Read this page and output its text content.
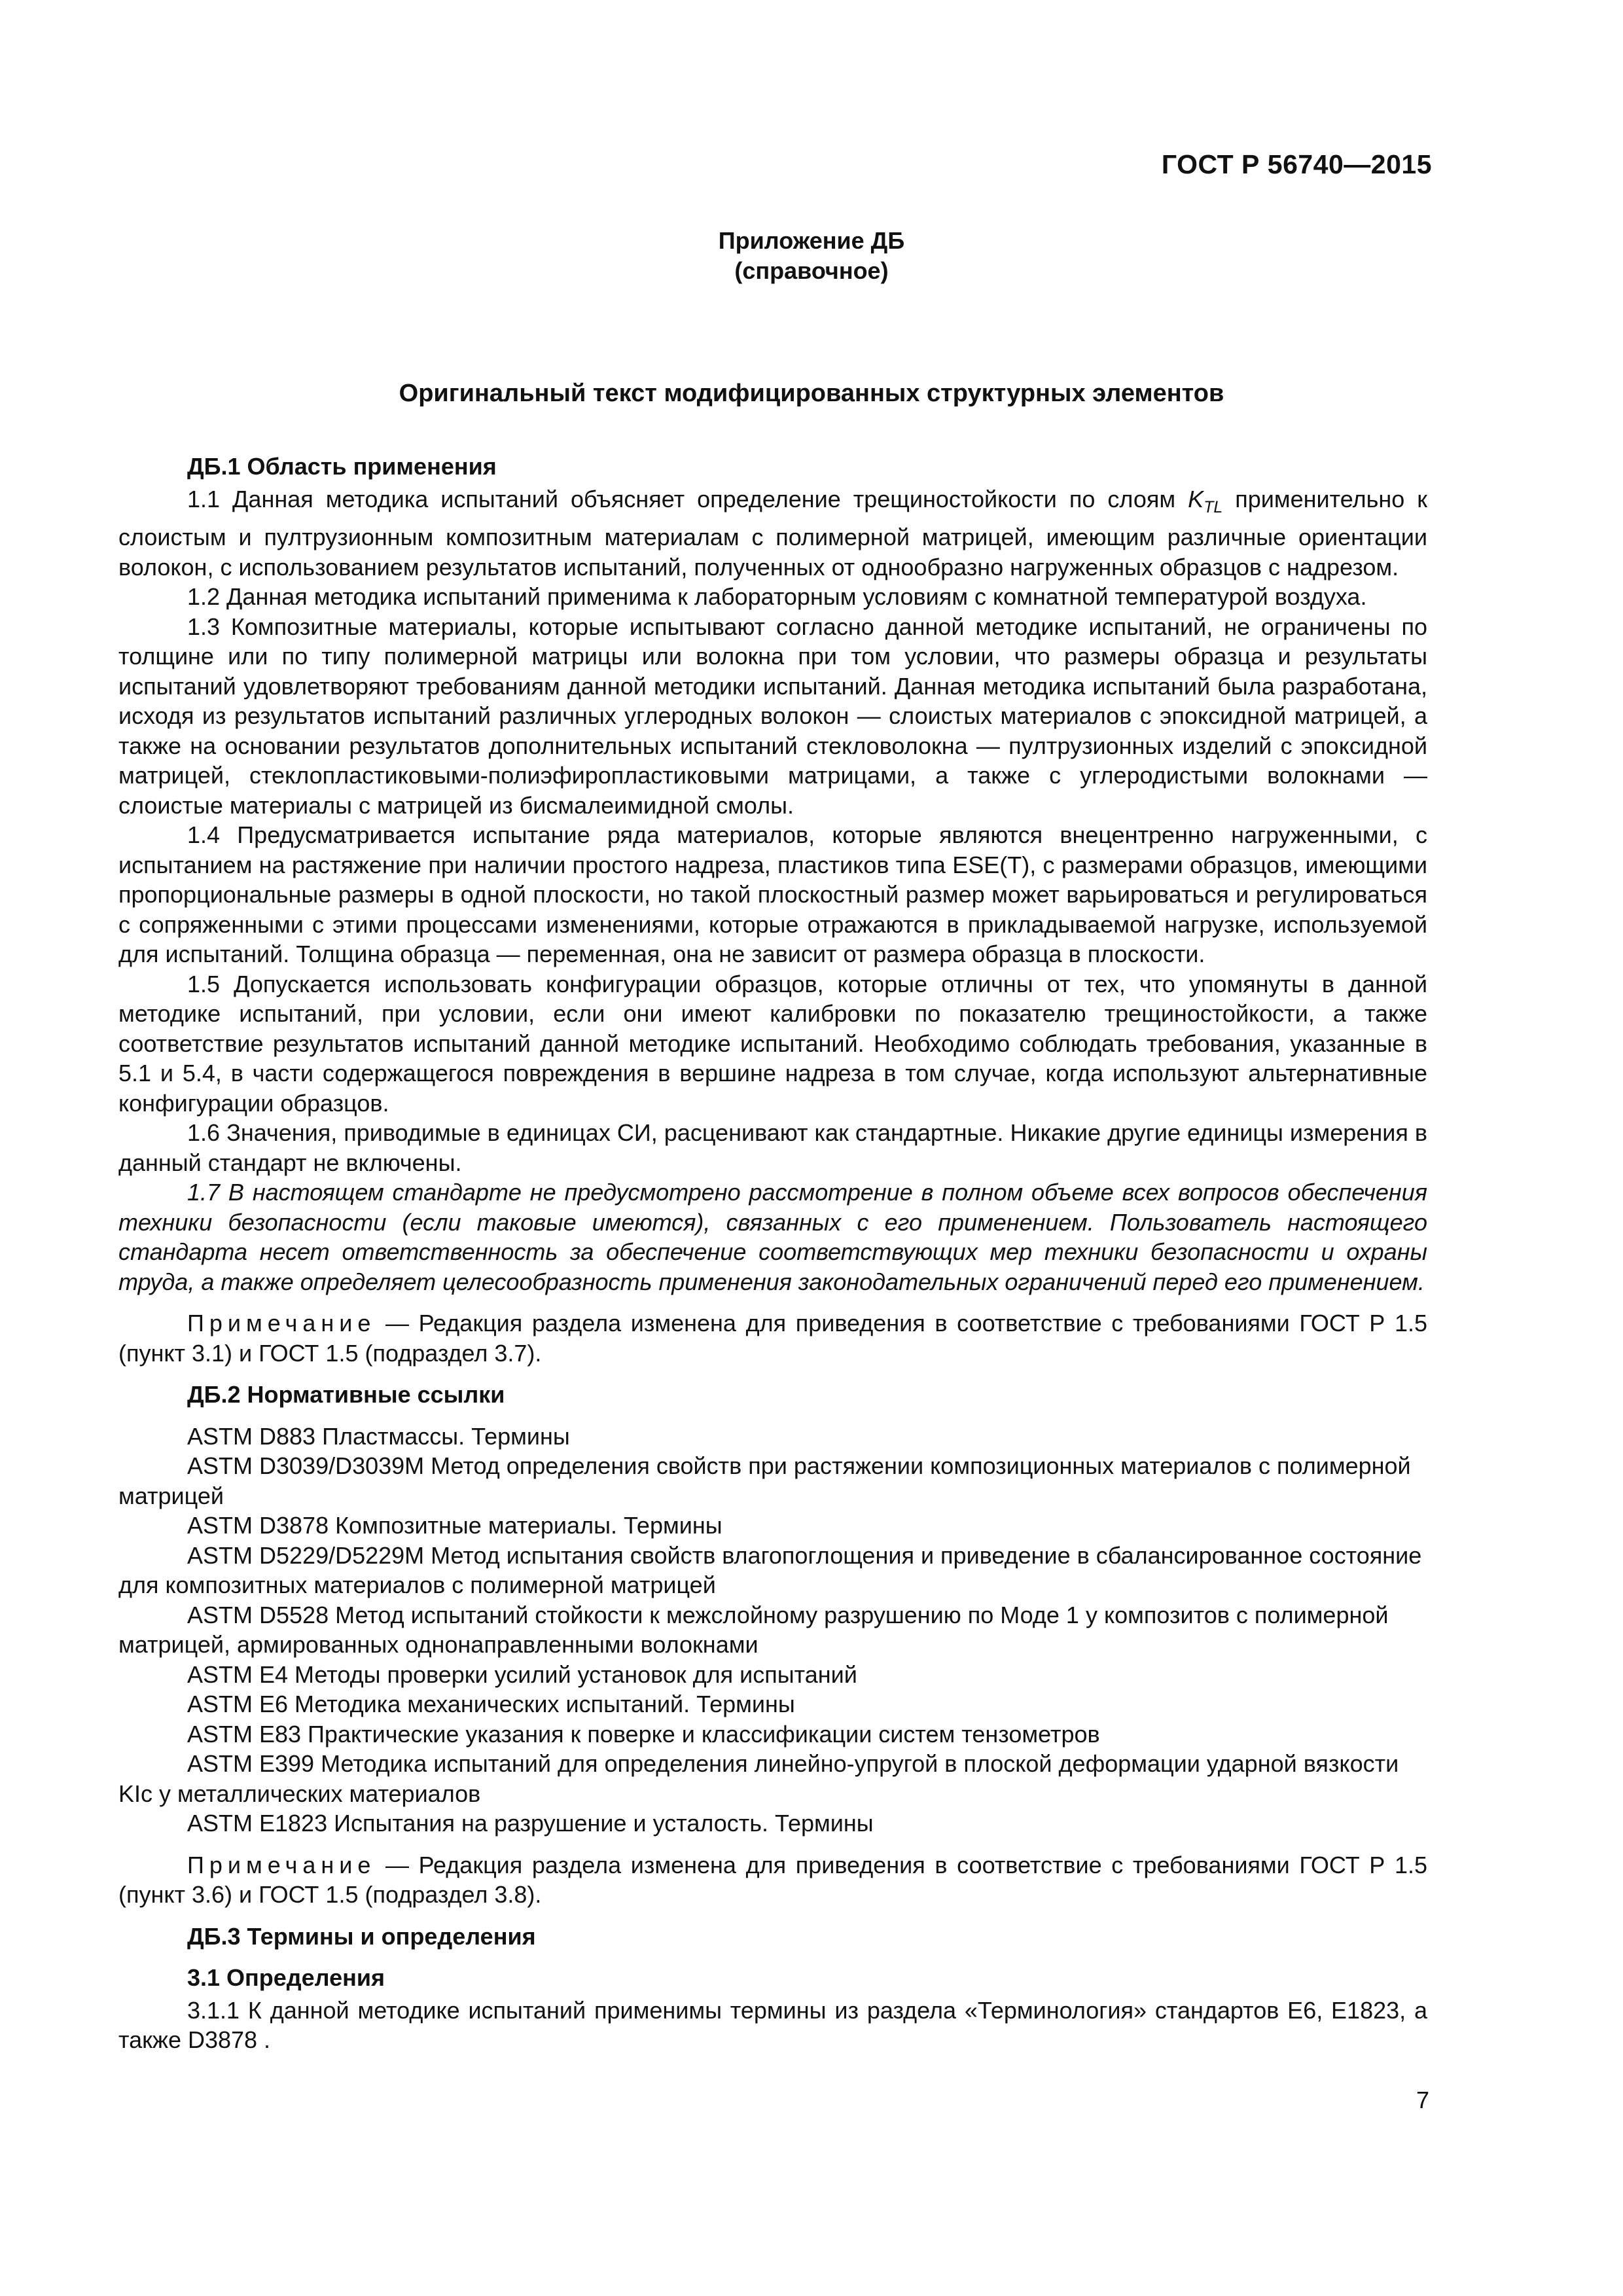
ГОСТ Р 56740—2015
Приложение ДБ
(справочное)
Оригинальный текст модифицированных структурных элементов
ДБ.1 Область применения

1.1 Данная методика испытаний объясняет определение трещиностойкости по слоям $K_{TL}$ применительно к слоистым и пултрузионным композитным материалам с полимерной матрицей, имеющим различные ориентации волокон, с использованием результатов испытаний, полученных от однообразно нагруженных образцов с надрезом.

1.2 Данная методика испытаний применима к лабораторным условиям с комнатной температурой воздуха.

1.3 Композитные материалы, которые испытывают согласно данной методике испытаний, не ограничены по толщине или по типу полимерной матрицы или волокна при том условии, что размеры образца и результаты испытаний удовлетворяют требованиям данной методики испытаний. Данная методика испытаний была разработана, исходя из результатов испытаний различных углеродных волокон — слоистых материалов с эпоксидной матрицей, а также на основании результатов дополнительных испытаний стекловолокна — пултрузионных изделий с эпоксидной матрицей, стеклопластиковыми-полиэфиропластиковыми матрицами, а также с углеродистыми волокнами — слоистые материалы с матрицей из бисмалеимидной смолы.

1.4 Предусматривается испытание ряда материалов, которые являются внецентренно нагруженными, с испытанием на растяжение при наличии простого надреза, пластиков типа ESE(T), с размерами образцов, имеющими пропорциональные размеры в одной плоскости, но такой плоскостный размер может варьироваться и регулироваться с сопряженными с этими процессами изменениями, которые отражаются в прикладываемой нагрузке, используемой для испытаний. Толщина образца — переменная, она не зависит от размера образца в плоскости.

1.5 Допускается использовать конфигурации образцов, которые отличны от тех, что упомянуты в данной методике испытаний, при условии, если они имеют калибровки по показателю трещиностойкости, а также соответствие результатов испытаний данной методике испытаний. Необходимо соблюдать требования, указанные в 5.1 и 5.4, в части содержащегося повреждения в вершине надреза в том случае, когда используют альтернативные конфигурации образцов.

1.6 Значения, приводимые в единицах СИ, расценивают как стандартные. Никакие другие единицы измерения в данный стандарт не включены.

1.7 В настоящем стандарте не предусмотрено рассмотрение в полном объеме всех вопросов обеспечения техники безопасности (если таковые имеются), связанных с его применением. Пользователь настоящего стандарта несет ответственность за обеспечение соответствующих мер техники безопасности и охраны труда, а также определяет целесообразность применения законодательных ограничений перед его применением.

Примечание — Редакция раздела изменена для приведения в соответствие с требованиями ГОСТ Р 1.5 (пункт 3.1) и ГОСТ 1.5 (подраздел 3.7).

ДБ.2 Нормативные ссылки

ASTM D883 Пластмассы. Термины

ASTM D3039/D3039M Метод определения свойств при растяжении композиционных материалов с полимерной матрицей

ASTM D3878 Композитные материалы. Термины

ASTM D5229/D5229M Метод испытания свойств влагопоглощения и приведение в сбалансированное состояние для композитных материалов с полимерной матрицей

ASTM D5528 Метод испытаний стойкости к межслойному разрушению по Моде 1 у композитов с полимерной матрицей, армированных однонаправленными волокнами

ASTM E4 Методы проверки усилий установок для испытаний

ASTM E6 Методика механических испытаний. Термины

ASTM E83 Практические указания к поверке и классификации систем тензометров

ASTM E399 Методика испытаний для определения линейно-упругой в плоской деформации ударной вязкости KIc у металлических материалов

ASTM E1823 Испытания на разрушение и усталость. Термины

Примечание — Редакция раздела изменена для приведения в соответствие с требованиями ГОСТ Р 1.5 (пункт 3.6) и ГОСТ 1.5 (подраздел 3.8).

ДБ.3 Термины и определения
3.1 Определения

3.1.1 К данной методике испытаний применимы термины из раздела «Терминология» стандартов E6, E1823, а также D3878 .

7
